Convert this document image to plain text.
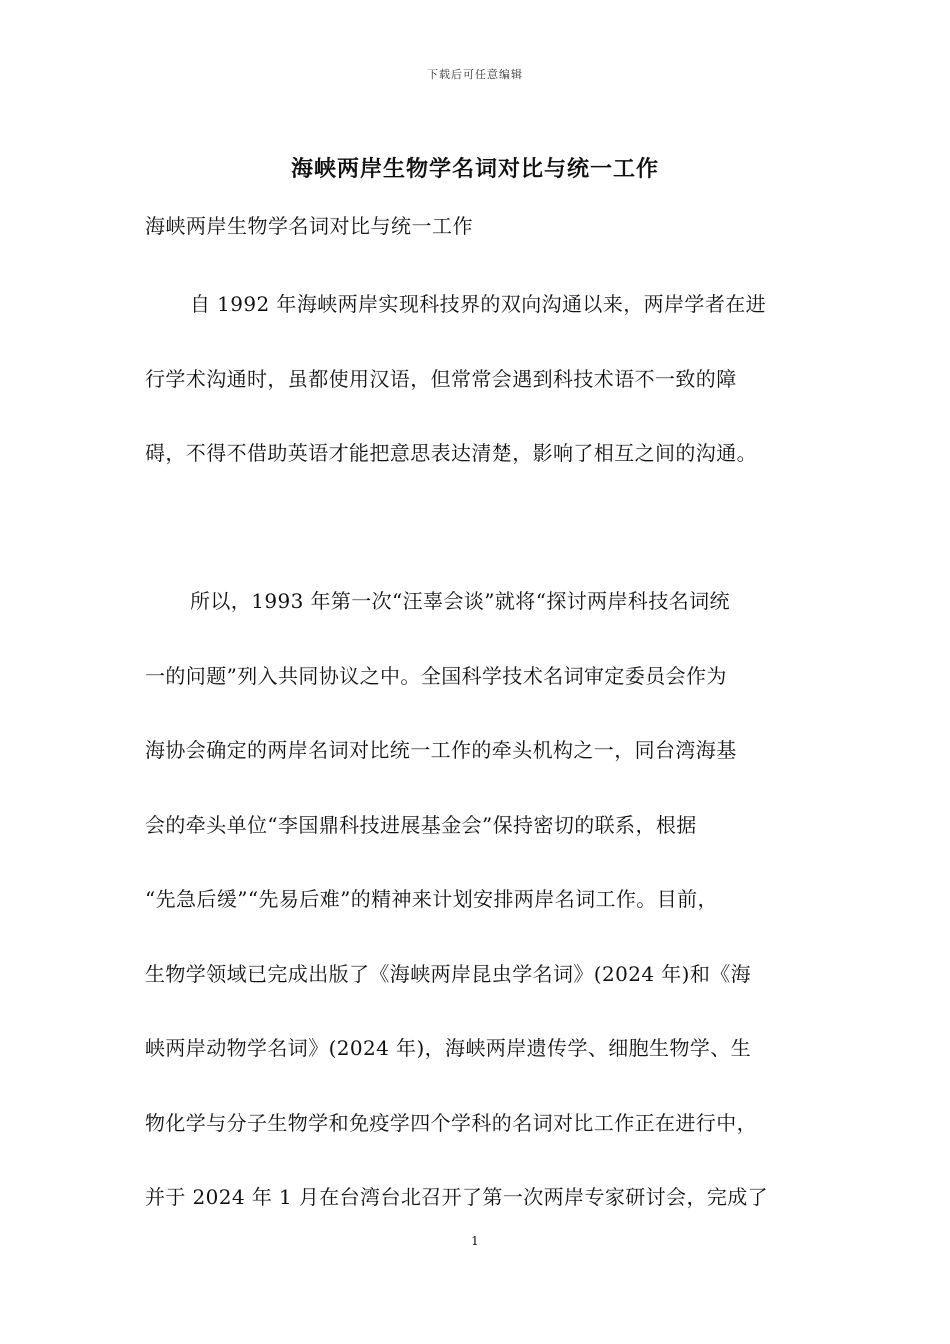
下载后可任意编辑
海峡两岸生物学名词对比与统一工作
海峡两岸生物学名词对比与统一工作
自 1992 年海峡两岸实现科技界的双向沟通以来，两岸学者在进
行学术沟通时，虽都使用汉语，但常常会遇到科技术语不一致的障
碍，不得不借助英语才能把意思表达清楚，影响了相互之间的沟通。
所以，1993 年第一次“汪辜会谈”就将“探讨两岸科技名词统
一的问题”列入共同协议之中。全国科学技术名词审定委员会作为
海协会确定的两岸名词对比统一工作的牵头机构之一，同台湾海基
会的牵头单位“李国鼎科技进展基金会”保持密切的联系，根据
“先急后缓”“先易后难”的精神来计划安排两岸名词工作。目前，
生物学领域已完成出版了《海峡两岸昆虫学名词》(2024 年)和《海
峡两岸动物学名词》(2024 年)，海峡两岸遗传学、细胞生物学、生
物化学与分子生物学和免疫学四个学科的名词对比工作正在进行中，
并于 2024 年 1 月在台湾台北召开了第一次两岸专家研讨会，完成了
1
